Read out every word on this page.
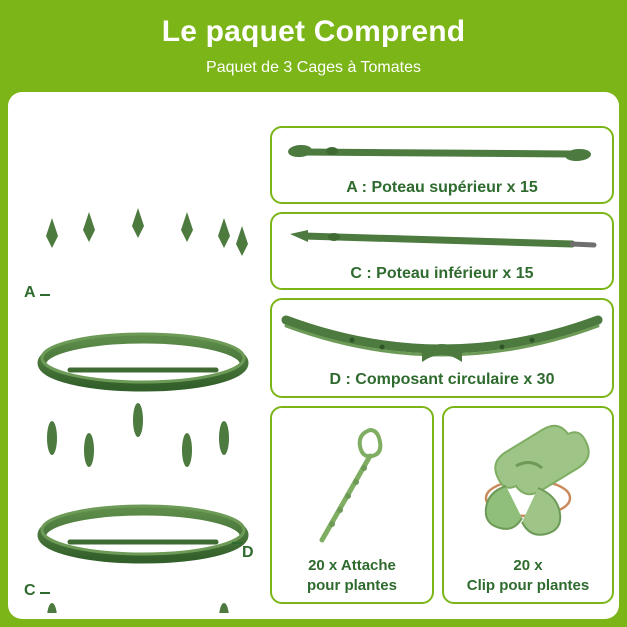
Le paquet Comprend
Paquet de 3 Cages à Tomates
A
C
D
A : Poteau supérieur x 15
C : Poteau inférieur x 15
D : Composant circulaire x 30
20 x Attache
pour plantes
20 x
Clip pour plantes
